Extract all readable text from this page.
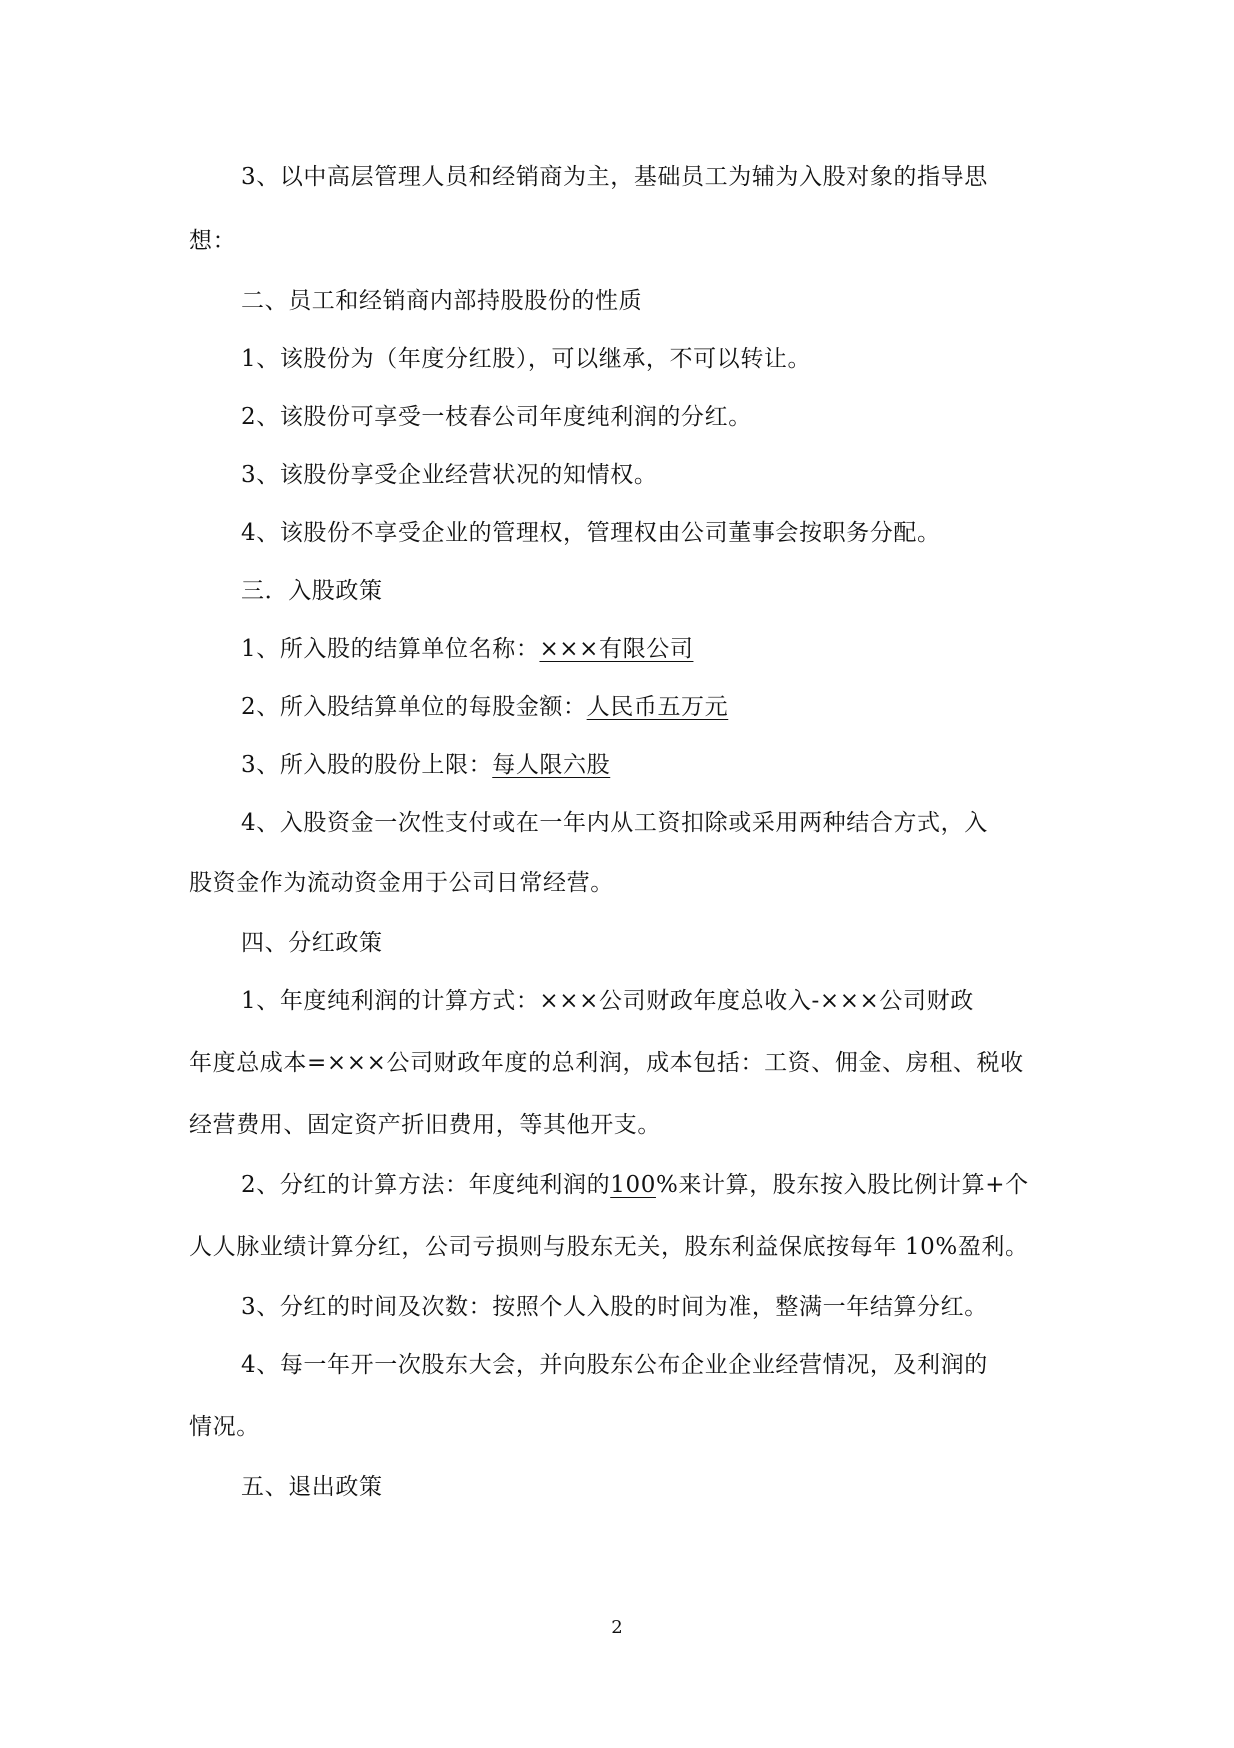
3、以中高层管理人员和经销商为主，基础员工为辅为入股对象的指导思
想：
二、员工和经销商内部持股股份的性质
1、该股份为（年度分红股），可以继承，不可以转让。
2、该股份可享受一枝春公司年度纯利润的分红。
3、该股份享受企业经营状况的知情权。
4、该股份不享受企业的管理权，管理权由公司董事会按职务分配。
三．入股政策
1、所入股的结算单位名称：×××有限公司
2、所入股结算单位的每股金额：人民币五万元
3、所入股的股份上限：每人限六股
4、入股资金一次性支付或在一年内从工资扣除或采用两种结合方式，入
股资金作为流动资金用于公司日常经营。
四、分红政策
1、年度纯利润的计算方式：×××公司财政年度总收入-×××公司财政
年度总成本=×××公司财政年度的总利润，成本包括：工资、佣金、房租、税收
经营费用、固定资产折旧费用，等其他开支。
2、分红的计算方法：年度纯利润的100%来计算，股东按入股比例计算+个
人人脉业绩计算分红，公司亏损则与股东无关，股东利益保底按每年 10%盈利。
3、分红的时间及次数：按照个人入股的时间为准，整满一年结算分红。
4、每一年开一次股东大会，并向股东公布企业企业经营情况，及利润的
情况。
五、退出政策
2
